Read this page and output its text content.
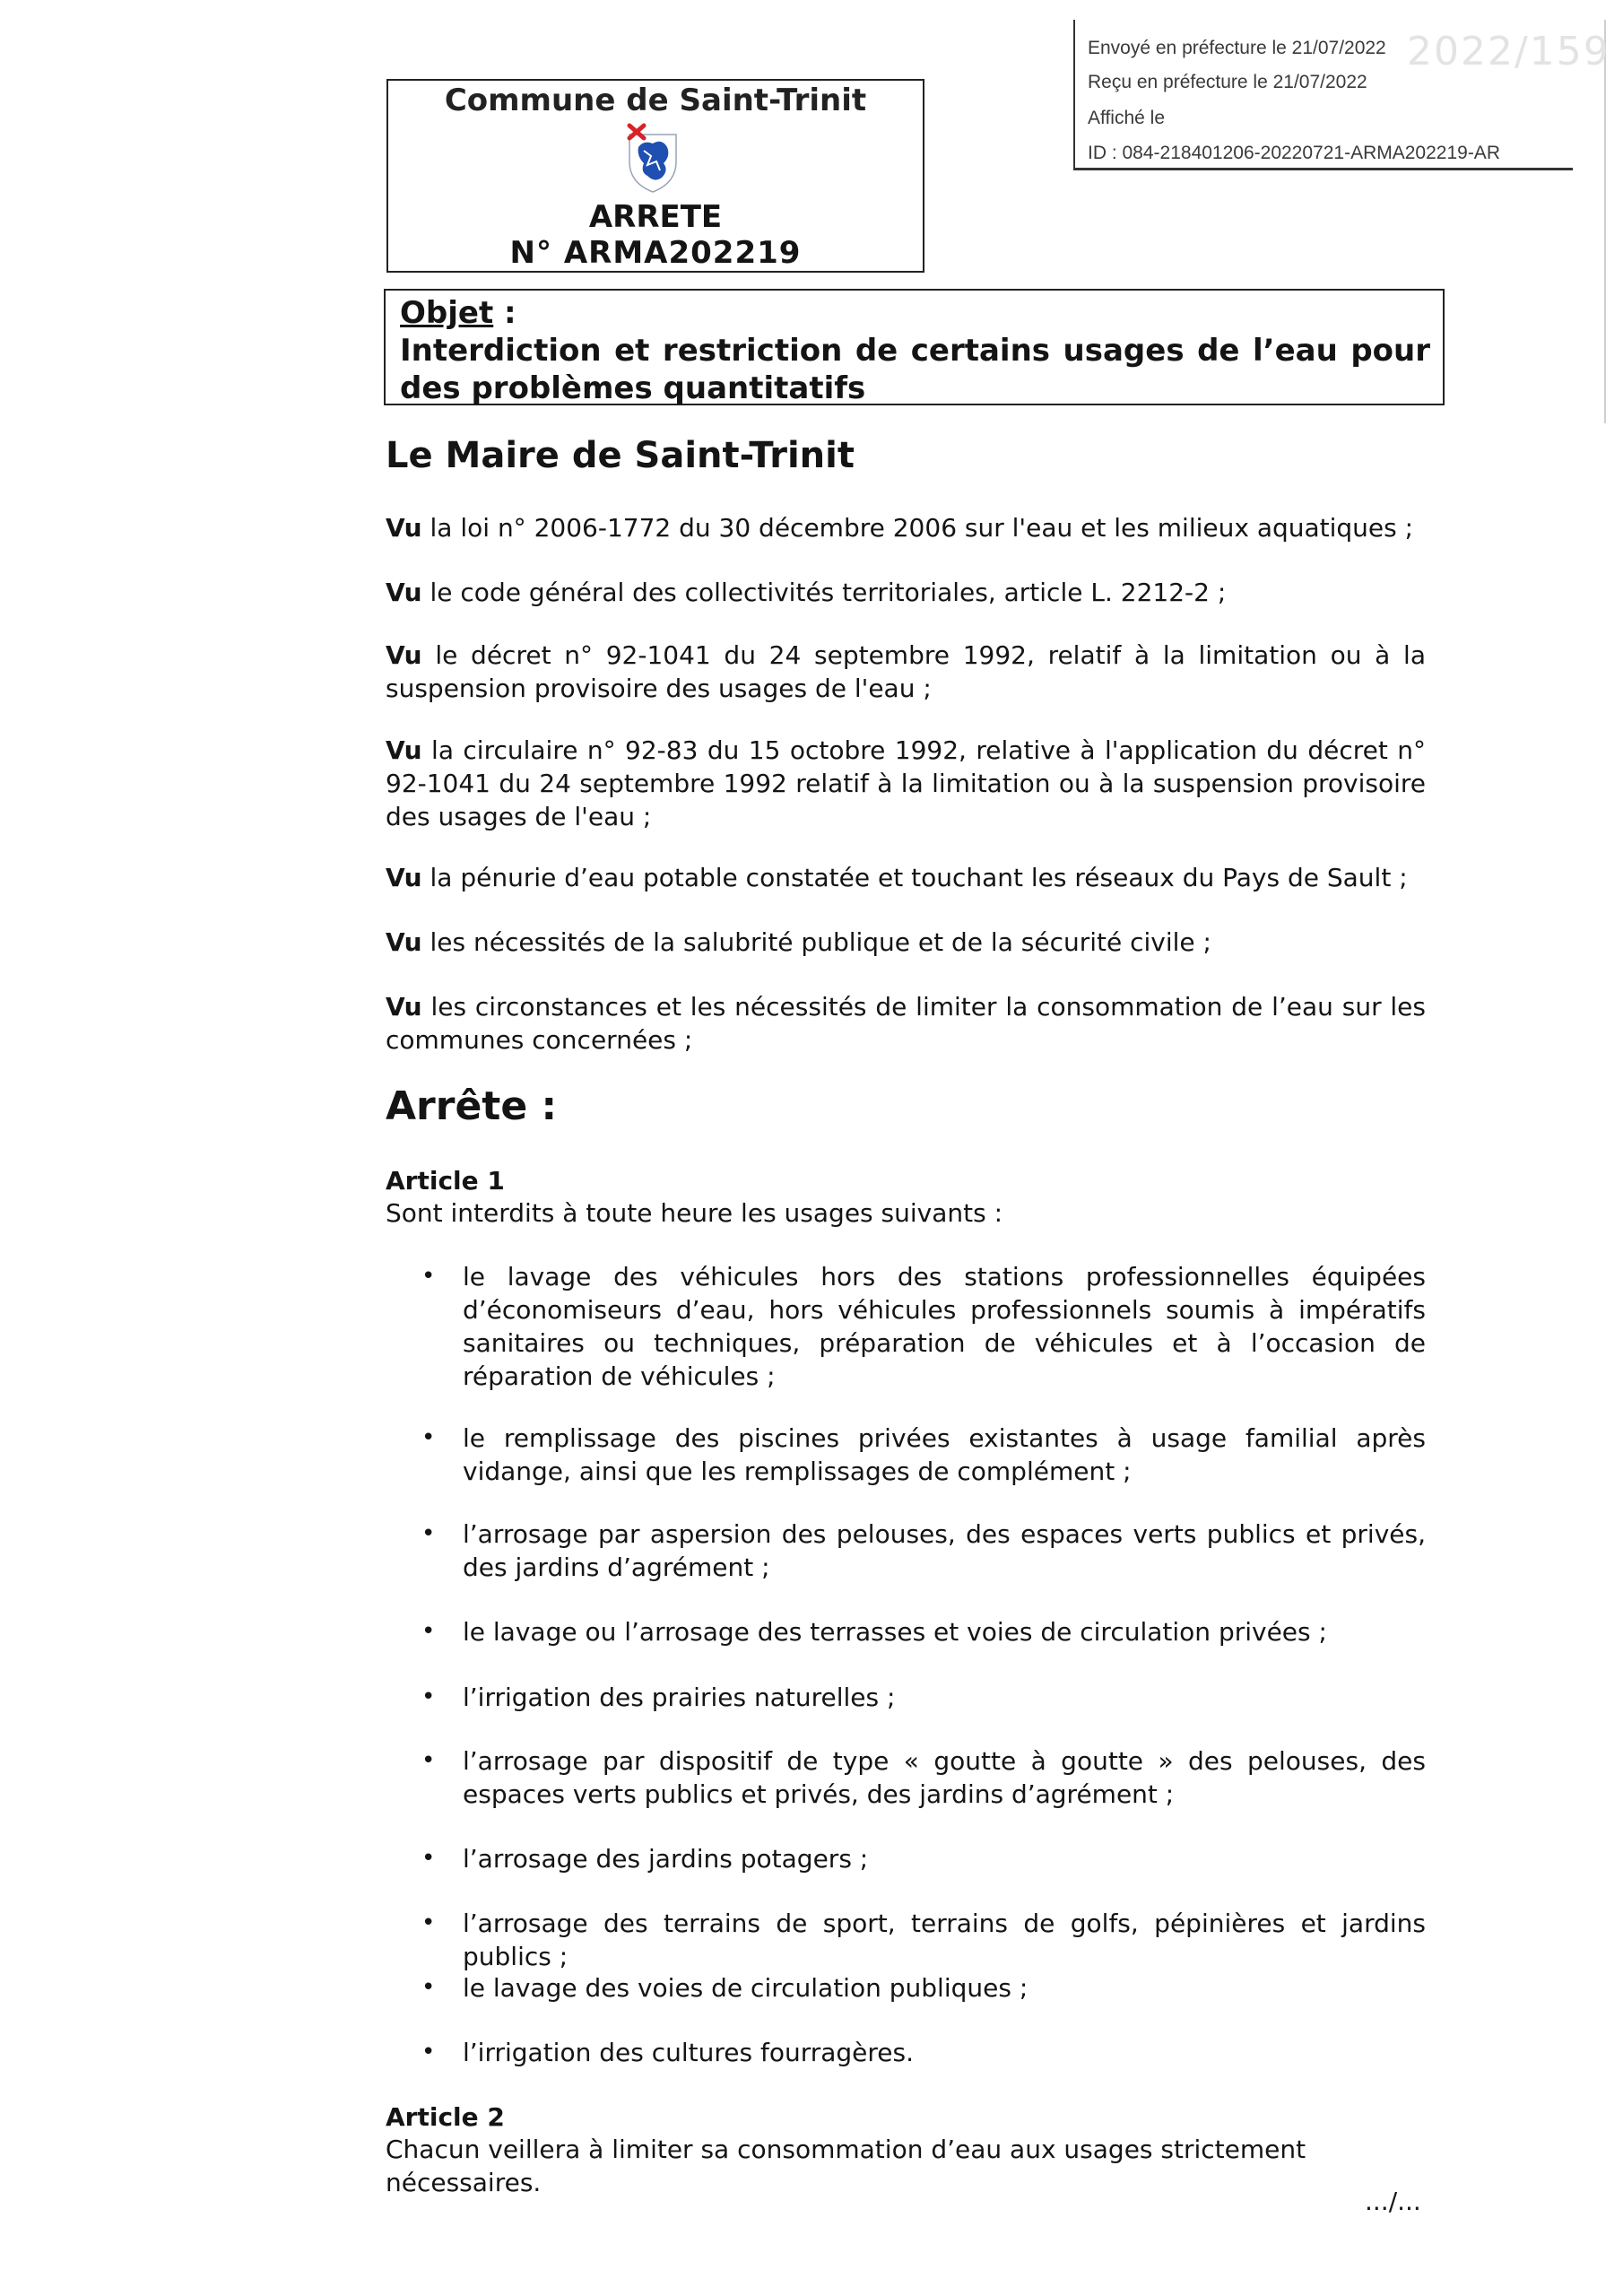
Envoyé en préfecture le 21/07/2022
Reçu en préfecture le 21/07/2022
Affiché le
ID : 084-218401206-20220721-ARMA202219-AR
2022/159
Commune de Saint-Trinit
ARRETE
N° ARMA202219
Objet :
Interdiction et restriction de certains usages de l’eau pour des problèmes quantitatifs
Le Maire de Saint-Trinit
Vu la loi n° 2006-1772 du 30 décembre 2006 sur l'eau et les milieux aquatiques ;
Vu le code général des collectivités territoriales, article L. 2212-2 ;
Vu le décret n° 92-1041 du 24 septembre 1992, relatif à la limitation ou à la suspension provisoire des usages de l'eau ;
Vu la circulaire n° 92-83 du 15 octobre 1992, relative à l'application du décret n° 92-1041 du 24 septembre 1992 relatif à la limitation ou à la suspension provisoire des usages de l'eau ;
Vu la pénurie d’eau potable constatée et touchant les réseaux du Pays de Sault ;
Vu les nécessités de la salubrité publique et de la sécurité civile ;
Vu les circonstances et les nécessités de limiter la consommation de l’eau sur les communes concernées ;
Arrête :
Article 1
Sont interdits à toute heure les usages suivants :
•	le lavage des véhicules hors des stations professionnelles équipées d’économiseurs d’eau, hors véhicules professionnels soumis à impératifs sanitaires ou techniques, préparation de véhicules et à l’occasion de réparation de véhicules ;
•	le remplissage des piscines privées existantes à usage familial après vidange, ainsi que les remplissages de complément ;
•	l’arrosage par aspersion des pelouses, des espaces verts publics et privés, des jardins d’agrément ;
•	le lavage ou l’arrosage des terrasses et voies de circulation privées ;
•	l’irrigation des prairies naturelles ;
•	l’arrosage par dispositif de type « goutte à goutte » des pelouses, des espaces verts publics et privés, des jardins d’agrément ;
•	l’arrosage des jardins potagers ;
•	l’arrosage des terrains de sport, terrains de golfs, pépinières et jardins publics ;
•	le lavage des voies de circulation publiques ;
•	l’irrigation des cultures fourragères.
Article 2
Chacun veillera à limiter sa consommation d’eau aux usages strictement nécessaires.
.../...
